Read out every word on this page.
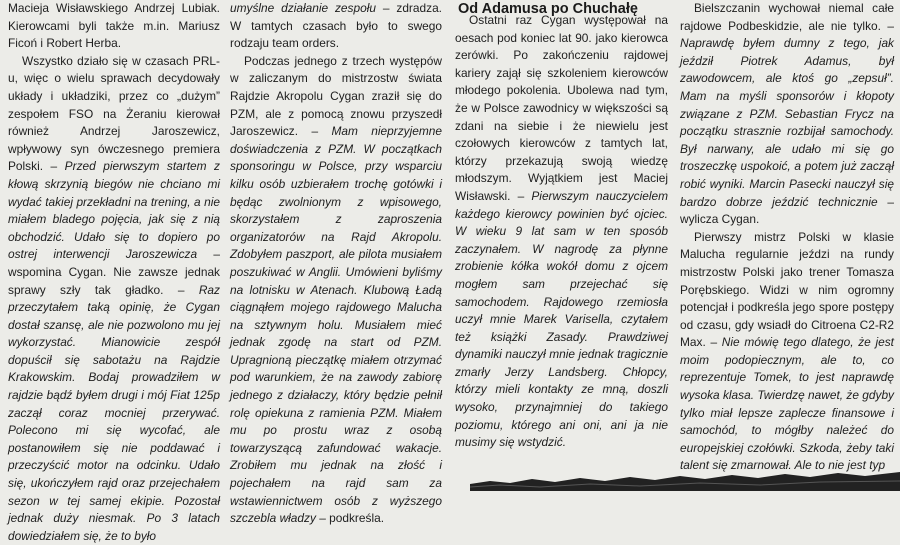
Macieja Wisławskiego Andrzej Lubiak. Kierowcami byli także m.in. Mariusz Ficoń i Robert Herba.

Wszystko działo się w czasach PRL-u, więc o wielu sprawach decydowały układy i układziki, przez co „dużym” zespołem FSO na Żeraniu kierował również Andrzej Jaroszewicz, wpływowy syn ówczesnego premiera Polski. – Przed pierwszym startem z kłową skrzynią biegów nie chciano mi wydać takiej przekładni na trening, a nie miałem bladego pojęcia, jak się z nią obchodzić. Udało się to dopiero po ostrej interwencji Jaroszewicza – wspomina Cygan. Nie zawsze jednak sprawy szły tak gładko. – Raz przeczytałem taką opinię, że Cygan dostał szansę, ale nie pozwolono mu jej wykorzystać. Mianowicie zespół dopuścił się sabotażu na Rajdzie Krakowskim. Bodaj prowadziłem w rajdzie bądź byłem drugi i mój Fiat 125p zaczął coraz mocniej przerywać. Polecono mi się wycofać, ale postanowiłem się nie poddawać i przeczyścić motor na odcinku. Udało się, ukończyłem rajd oraz przejechałem sezon w tej samej ekipie. Pozostał jednak duży niesmak. Po 3 latach dowiedziałem się, że to było

umyślne działanie zespołu – zdradza. W tamtych czasach było to swego rodzaju team orders.

Podczas jednego z trzech występów w zaliczanym do mistrzostw świata Rajdzie Akropolu Cygan zraził się do PZM, ale z pomocą znowu przyszedł Jaroszewicz. – Mam nieprzyjemne doświadczenia z PZM. W początkach sponsoringu w Polsce, przy wsparciu kilku osób uzbierałem trochę gotówki i będąc zwolnionym z wpisowego, skorzystałem z zaproszenia organizatorów na Rajd Akropolu. Zdobyłem paszport, ale pilota musiałem poszukiwać w Anglii. Umówieni byliśmy na lotnisku w Atenach. Klubową Ładą ciągnąłem mojego rajdowego Malucha na sztywnym holu. Musiałem mieć jednak zgodę na start od PZM. Upragnioną pieczątkę miałem otrzymać pod warunkiem, że na zawody zabiorę jednego z działaczy, który będzie pełnił rolę opiekuna z ramienia PZM. Miałem mu po prostu wraz z osobą towarzyszącą zafundować wakacje. Zrobiłem mu jednak na złość i pojechałem na rajd sam za wstawiennictwem osób z wyższego szczebla władzy – podkreśla.

Od Adamusa po Chuchałę

Ostatni raz Cygan występował na oesach pod koniec lat 90. jako kierowca zerówki. Po zakończeniu rajdowej kariery zajął się szkoleniem kierowców młodego pokolenia. Ubolewa nad tym, że w Polsce zawodnicy w większości są zdani na siebie i że niewielu jest czołowych kierowców z tamtych lat, którzy przekazują swoją wiedzę młodszym. Wyjątkiem jest Maciej Wisławski. – Pierwszym nauczycielem każdego kierowcy powinien być ojciec. W wieku 9 lat sam w ten sposób zaczynałem. W nagrodę za płynne zrobienie kółka wokół domu z ojcem mogłem sam przejechać się samochodem. Rajdowego rzemiosła uczył mnie Marek Varisella, czytałem też książki Zasady. Prawdziwej dynamiki nauczył mnie jednak tragicznie zmarły Jerzy Landsberg. Chłopcy, którzy mieli kontakty ze mną, doszli wysoko, przynajmniej do takiego poziomu, którego ani oni, ani ja nie musimy się wstydzić.

Bielszczanin wychował niemal całe rajdowe Podbeskidzie, ale nie tylko. – Naprawdę byłem dumny z tego, jak jeździł Piotrek Adamus, był zawodowcem, ale ktoś go „zepsuł”. Mam na myśli sponsorów i kłopoty związane z PZM. Sebastian Frycz na początku strasznie rozbijał samochody. Był narwany, ale udało mi się go troszeczkę uspokoić, a potem już zaczął robić wyniki. Marcin Pasecki nauczył się bardzo dobrze jeździć technicznie – wylicza Cygan.

Pierwszy mistrz Polski w klasie Malucha regularnie jeździ na rundy mistrzostw Polski jako trener Tomasza Porębskiego. Widzi w nim ogromny potencjał i podkreśla jego spore postępy od czasu, gdy wsiadł do Citroena C2-R2 Max. – Nie mówię tego dlatego, że jest moim podopiecznym, ale to, co reprezentuje Tomek, to jest naprawdę wysoka klasa. Twierdzę nawet, że gdyby tylko miał lepsze zaplecze finansowe i samochód, to mógłby należeć do europejskiej czołówki. Szkoda, żeby taki talent się zmarnował. Ale to nie jest typ
